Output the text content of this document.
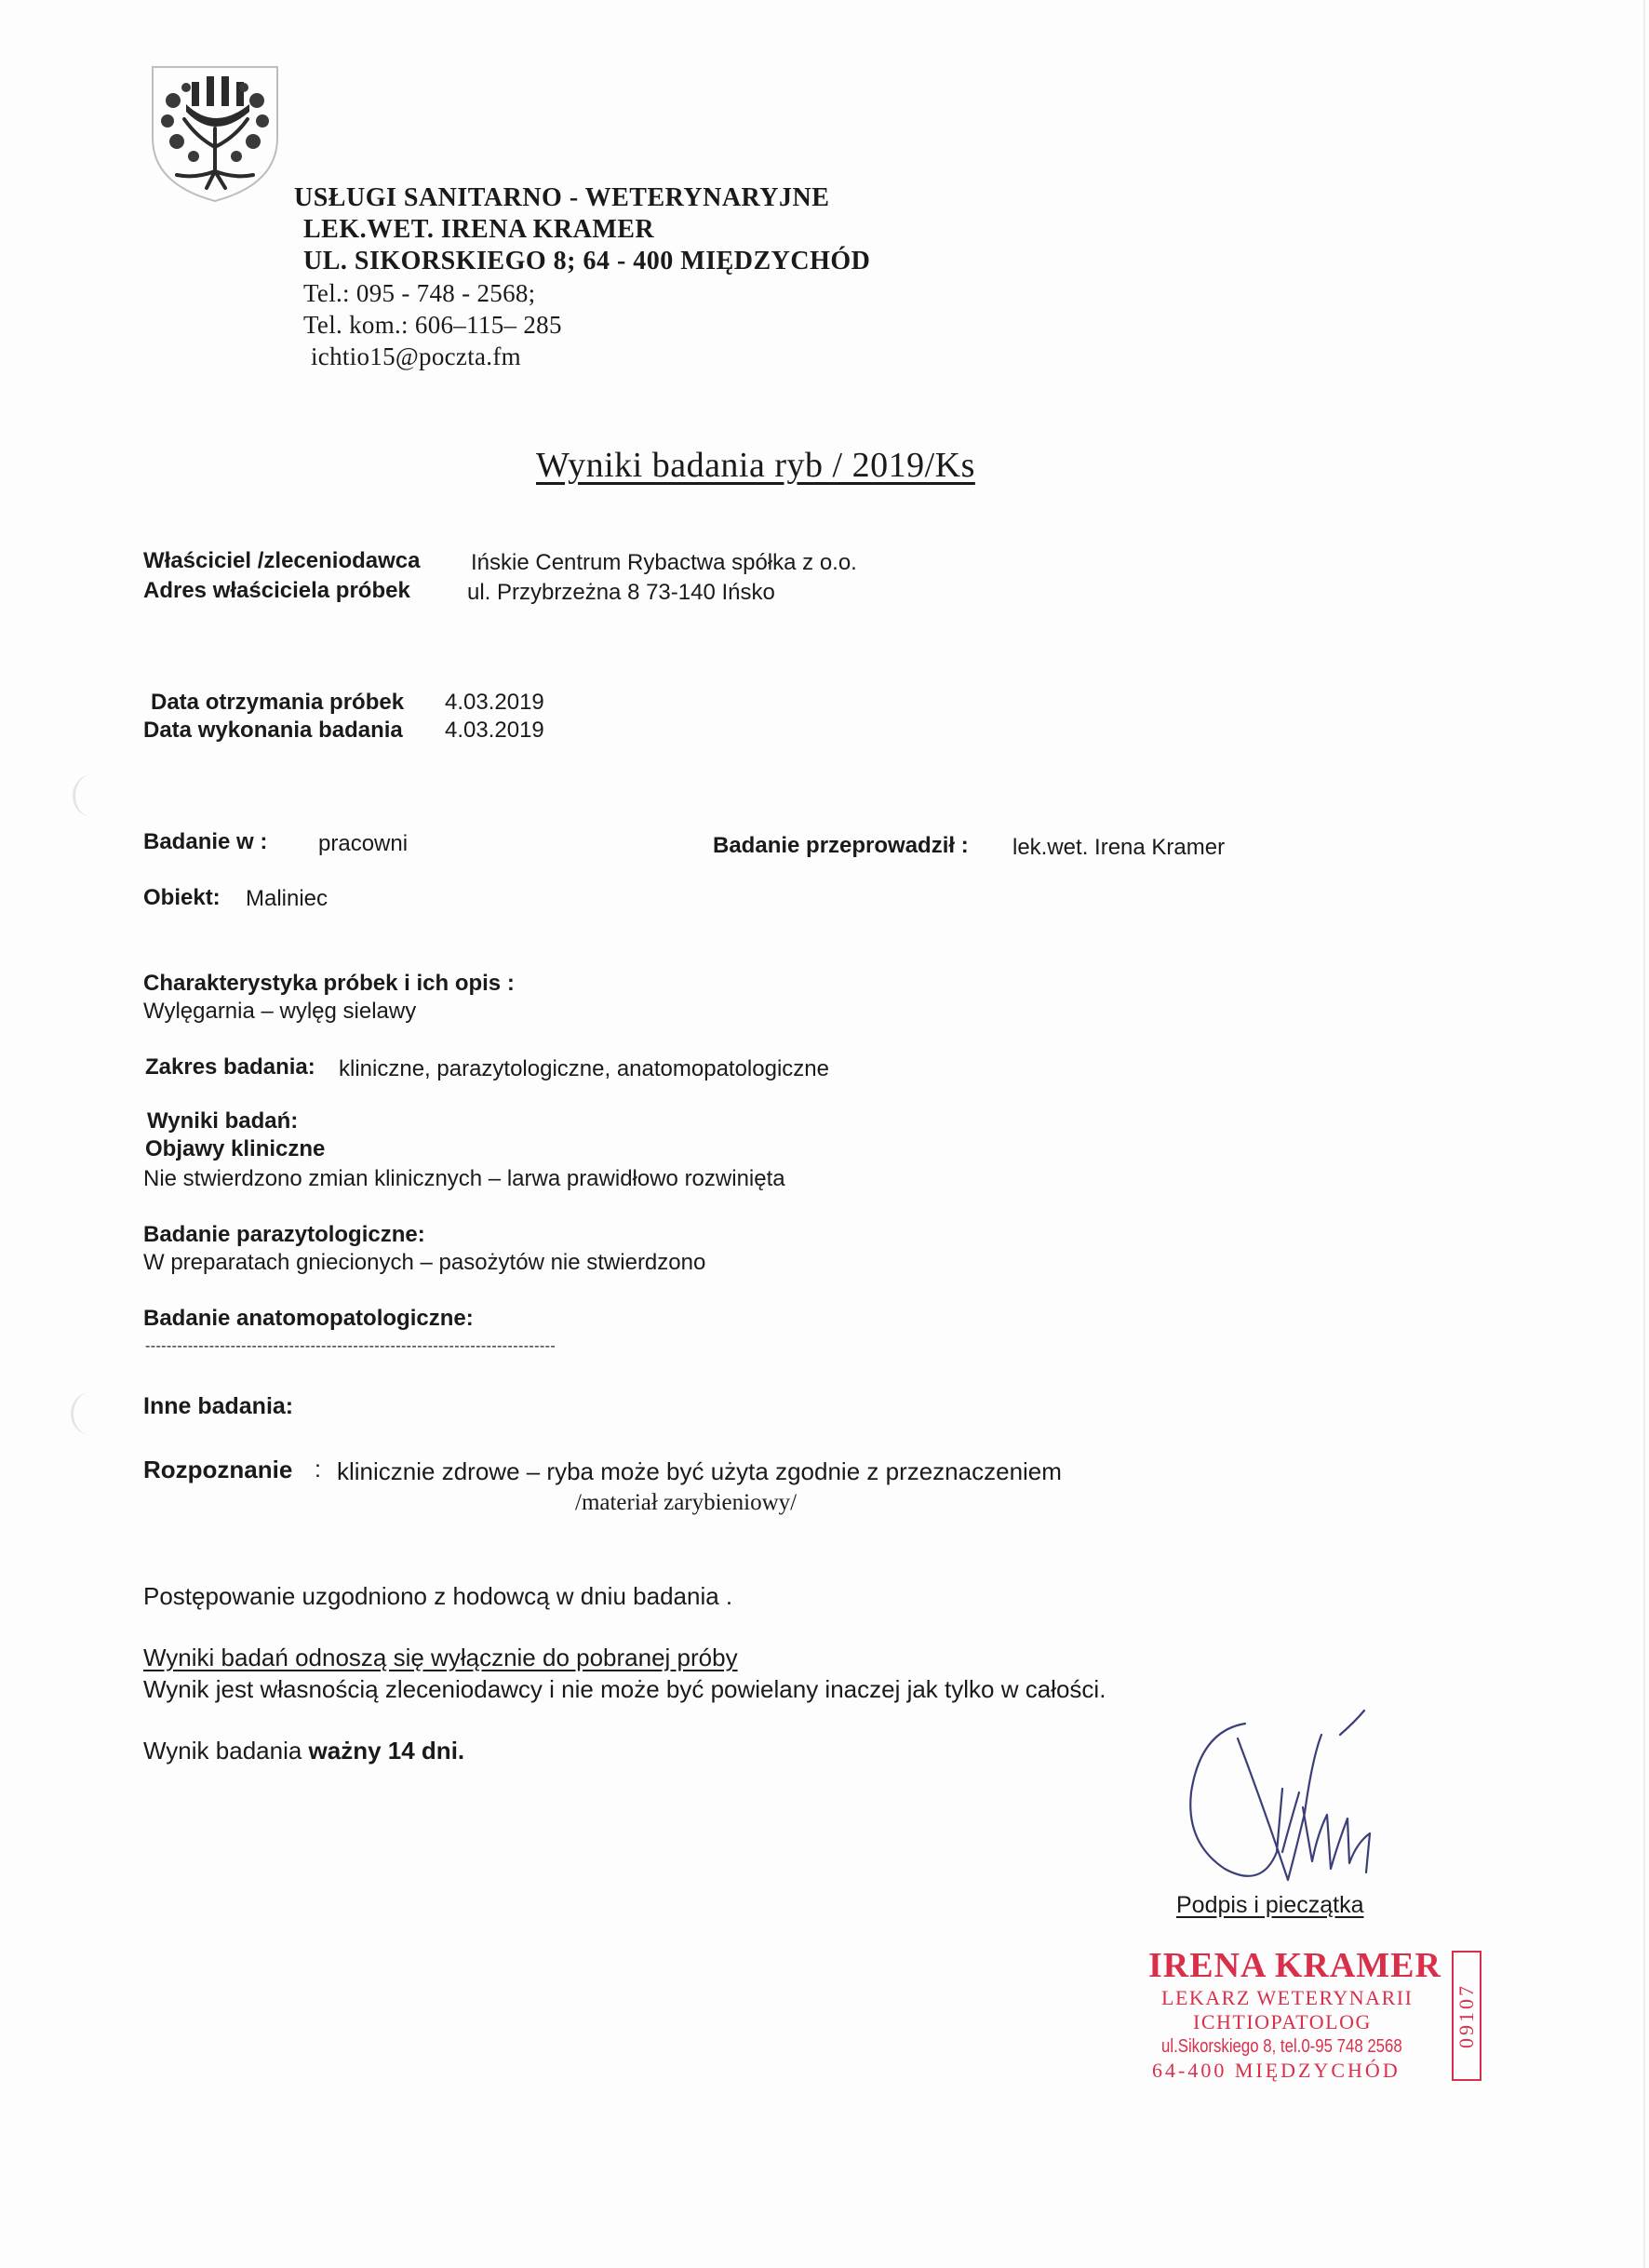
USŁUGI SANITARNO - WETERYNARYJNE
LEK.WET. IRENA KRAMER
UL. SIKORSKIEGO 8; 64 - 400 MIĘDZYCHÓD
Tel.: 095 - 748 - 2568;
Tel. kom.: 606–115– 285
ichtio15@poczta.fm
Wyniki badania ryb / 2019/Ks
Właściciel /zleceniodawca Ińskie Centrum Rybactwa spółka z o.o.
Adres właściciela próbek	ul. Przybrzeżna 8 73-140 Ińsko
Data otrzymania próbek 4.03.2019
Data wykonania badania 4.03.2019
Badanie w : pracowni	Badanie przeprowadził : lek.wet. Irena Kramer
Obiekt: Maliniec
Charakterystyka próbek i ich opis :
Wylęgarnia – wylęg sielawy
Zakres badania: kliniczne, parazytologiczne, anatomopatologiczne
Wyniki badań:
Objawy kliniczne
Nie stwierdzono zmian klinicznych – larwa prawidłowo rozwinięta
Badanie parazytologiczne:
W preparatach gniecionych – pasożytów nie stwierdzono
Badanie anatomopatologiczne:
-----------------------------------------------------------------------------
Inne badania:
Rozpoznanie : klinicznie zdrowe – ryba może być użyta zgodnie z przeznaczeniem
/materiał zarybieniowy/
Postępowanie uzgodniono z hodowcą w dniu badania .
Wyniki badań odnoszą się wyłącznie do pobranej próby
Wynik jest własnością zleceniodawcy i nie może być powielany inaczej jak tylko w całości.
Wynik badania ważny 14 dni.
Podpis i pieczątka
IRENA KRAMER
LEKARZ WETERYNARII
ICHTIOPATOLOG
ul.Sikorskiego 8, tel.0-95 748 2568
64-400 MIĘDZYCHÓD
09107
